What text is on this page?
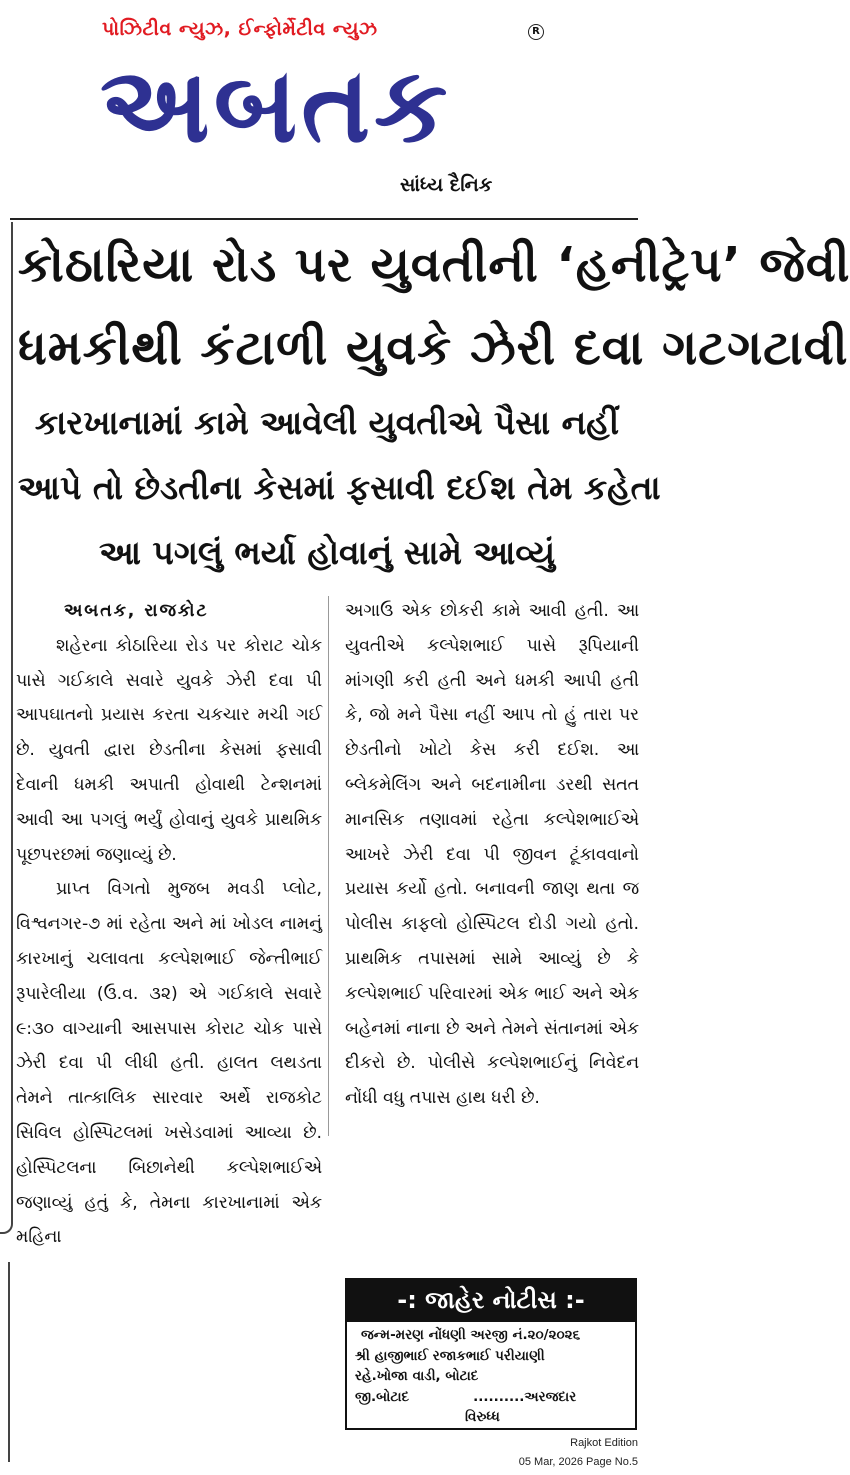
પોઝિટીવ ન્યુઝ, ઈન્ફોર્મેટીવ ન્યુઝ	R
અબતક
સાંધ્ય દૈનિક
કોઠારિયા રોડ પર યુવતીની ‘હનીટ્રેપ’ જેવી
ધમકીથી કંટાળી યુવકે ઝેરી દવા ગટગટાવી
કારખાનામાં કામે આવેલી યુવતીએ પૈસા નહીં
આપે તો છેડતીના કેસમાં ફસાવી દઈશ તેમ કહેતા
આ પગલું ભર્યા હોવાનું સામે આવ્યું
અબતક, રાજકોટ

શહેરના કોઠારિયા રોડ પર કોરાટ ચોક પાસે ગઈકાલે સવારે યુવકે ઝેરી દવા પી આપઘાતનો પ્રયાસ કરતા ચકચાર મચી ગઈ છે. યુવતી દ્વારા છેડતીના કેસમાં ફસાવી દેવાની ધમકી અપાતી હોવાથી ટેન્શનમાં આવી આ પગલું ભર્યું હોવાનું યુવકે પ્રાથમિક પૂછપરછમાં જણાવ્યું છે.

પ્રાપ્ત વિગતો મુજબ મવડી પ્લોટ, વિશ્વનગર-૭ માં રહેતા અને માં ખોડલ નામનું કારખાનું ચલાવતા કલ્પેશભાઈ જેન્તીભાઈ રૂપારેલીયા (ઉ.વ. ૩૨) એ ગઈકાલે સવારે ૯:૩૦ વાગ્યાની આસપાસ કોરાટ ચોક પાસે ઝેરી દવા પી લીધી હતી. હાલત લથડતા તેમને તાત્કાલિક સારવાર અર્થે રાજકોટ સિવિલ હોસ્પિટલમાં ખસેડવામાં આવ્યા છે. હોસ્પિટલના બિછાનેથી કલ્પેશભાઈએ જણાવ્યું હતું કે, તેમના કારખાનામાં એક મહિના

અગાઉ એક છોકરી કામે આવી હતી. આ યુવતીએ કલ્પેશભાઈ પાસે રૂપિયાની માંગણી કરી હતી અને ધમકી આપી હતી કે, જો મને પૈસા નહીં આપ તો હું તારા પર છેડતીનો ખોટો કેસ કરી દઈશ. આ બ્લેકમેલિંગ અને બદનામીના ડરથી સતત માનસિક તણાવમાં રહેતા કલ્પેશભાઈએ આખરે ઝેરી દવા પી જીવન ટૂંકાવવાનો પ્રયાસ કર્યો હતો. બનાવની જાણ થતા જ પોલીસ કાફલો હોસ્પિટલ દોડી ગયો હતો. પ્રાથમિક તપાસમાં સામે આવ્યું છે કે કલ્પેશભાઈ પરિવારમાં એક ભાઈ અને એક બહેનમાં નાના છે અને તેમને સંતાનમાં એક દીકરો છે. પોલીસે કલ્પેશભાઈનું નિવેદન નોંધી વધુ તપાસ હાથ ધરી છે.

-: જાહેર નોટીસ :-
જન્મ-મરણ નોંધણી અરજી નં.૨૦/૨૦૨૬
શ્રી હાજીભાઈ રજાકભાઈ પરીયાણી
રહે.ખોજા વાડી, બોટાદ
જી.બોટાદ	..........અરજદાર
વિરુધ્ધ
Rajkot Edition
05 Mar, 2026 Page No.5
